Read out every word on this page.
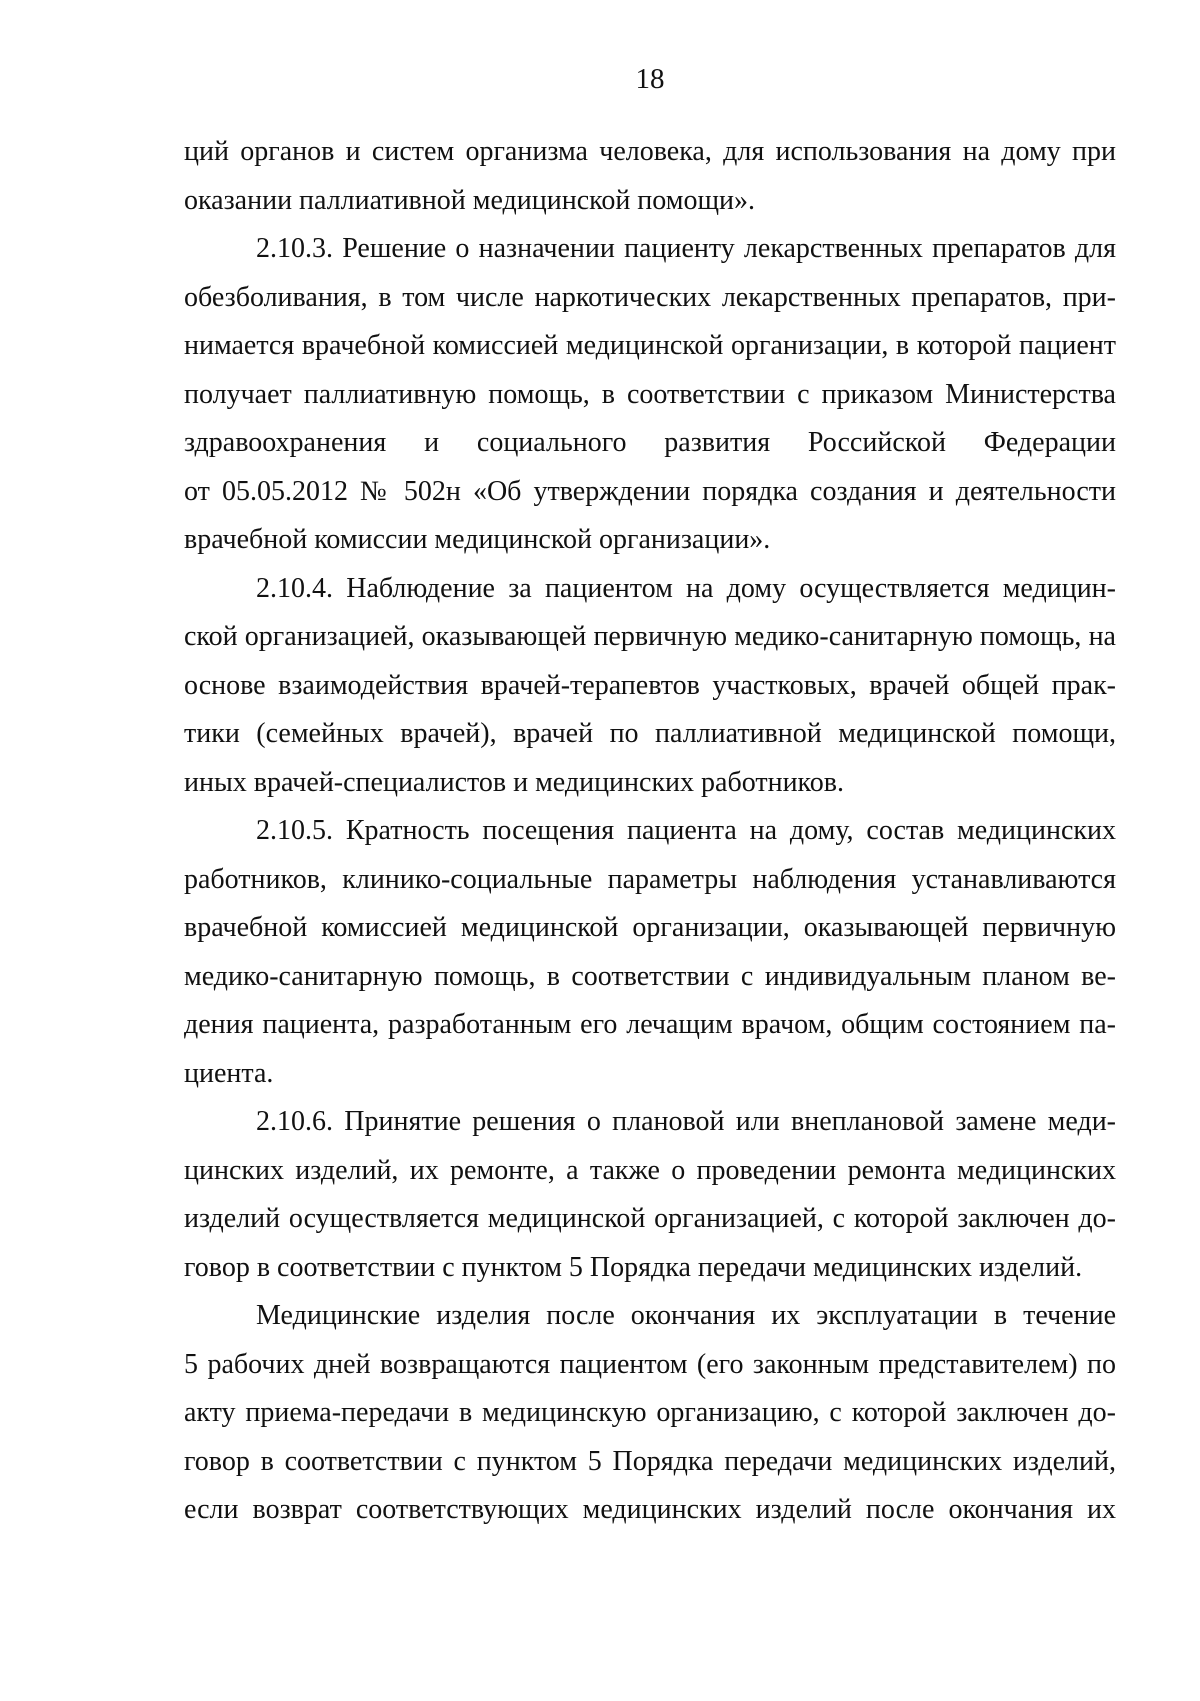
18
ций органов и систем организма человека, для использования на дому при
оказании паллиативной медицинской помощи».
2.10.3. Решение о назначении пациенту лекарственных препаратов для
обезболивания, в том числе наркотических лекарственных препаратов, при-
нимается врачебной комиссией медицинской организации, в которой пациент
получает паллиативную помощь, в соответствии с приказом Министерства
здравоохранения и социального развития Российской Федерации
от 05.05.2012 № 502н «Об утверждении порядка создания и деятельности
врачебной комиссии медицинской организации».
2.10.4. Наблюдение за пациентом на дому осуществляется медицин-
ской организацией, оказывающей первичную медико-санитарную помощь, на
основе взаимодействия врачей-терапевтов участковых, врачей общей прак-
тики (семейных врачей), врачей по паллиативной медицинской помощи,
иных врачей-специалистов и медицинских работников.
2.10.5. Кратность посещения пациента на дому, состав медицинских
работников, клинико-социальные параметры наблюдения устанавливаются
врачебной комиссией медицинской организации, оказывающей первичную
медико-санитарную помощь, в соответствии с индивидуальным планом ве-
дения пациента, разработанным его лечащим врачом, общим состоянием па-
циента.
2.10.6. Принятие решения о плановой или внеплановой замене меди-
цинских изделий, их ремонте, а также о проведении ремонта медицинских
изделий осуществляется медицинской организацией, с которой заключен до-
говор в соответствии с пунктом 5 Порядка передачи медицинских изделий.
Медицинские изделия после окончания их эксплуатации в течение
5 рабочих дней возвращаются пациентом (его законным представителем) по
акту приема-передачи в медицинскую организацию, с которой заключен до-
говор в соответствии с пунктом 5 Порядка передачи медицинских изделий,
если возврат соответствующих медицинских изделий после окончания их
